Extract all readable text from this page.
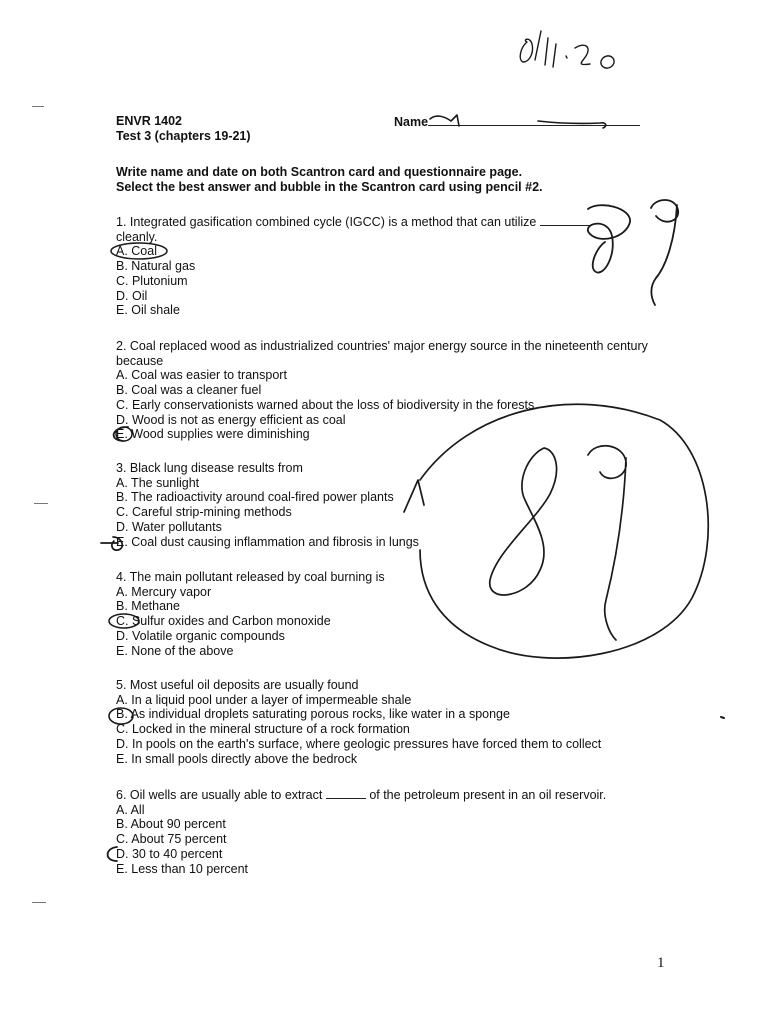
ENVR 1402
Test 3 (chapters 19-21)
Name
Write name and date on both Scantron card and questionnaire page.
Select the best answer and bubble in the Scantron card using pencil #2.
1. Integrated gasification combined cycle (IGCC) is a method that can utilize
cleanly.
A. Coal
B. Natural gas
C. Plutonium
D. Oil
E. Oil shale
2. Coal replaced wood as industrialized countries' major energy source in the nineteenth century because
A. Coal was easier to transport
B. Coal was a cleaner fuel
C. Early conservationists warned about the loss of biodiversity in the forests
D. Wood is not as energy efficient as coal
E. Wood supplies were diminishing
3. Black lung disease results from
A. The sunlight
B. The radioactivity around coal-fired power plants
C. Careful strip-mining methods
D. Water pollutants
E. Coal dust causing inflammation and fibrosis in lungs
4. The main pollutant released by coal burning is
A. Mercury vapor
B. Methane
C. Sulfur oxides and Carbon monoxide
D. Volatile organic compounds
E. None of the above
5. Most useful oil deposits are usually found
A. In a liquid pool under a layer of impermeable shale
B. As individual droplets saturating porous rocks, like water in a sponge
C. Locked in the mineral structure of a rock formation
D. In pools on the earth's surface, where geologic pressures have forced them to collect
E. In small pools directly above the bedrock
6. Oil wells are usually able to extract	of the petroleum present in an oil reservoir.
A. All
B. About 90 percent
C. About 75 percent
D. 30 to 40 percent
E. Less than 10 percent
1
